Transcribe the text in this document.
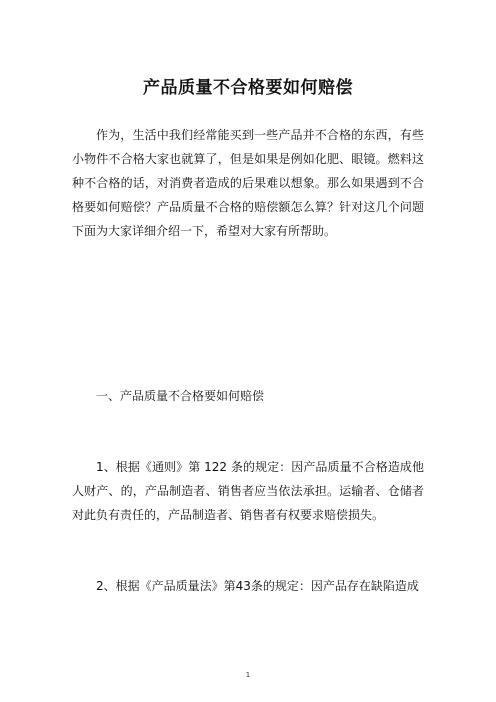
产品质量不合格要如何赔偿
作为，生活中我们经常能买到一些产品并不合格的东西，有些小物件不合格大家也就算了，但是如果是例如化肥、眼镜。燃料这种不合格的话，对消费者造成的后果难以想象。那么如果遇到不合格要如何赔偿？产品质量不合格的赔偿额怎么算？针对这几个问题下面为大家详细介绍一下，希望对大家有所帮助。
一、产品质量不合格要如何赔偿
1、根据《通则》第 122 条的规定：因产品质量不合格造成他人财产、的，产品制造者、销售者应当依法承担。运输者、仓储者对此负有责任的，产品制造者、销售者有权要求赔偿损失。
2、根据《产品质量法》第43条的规定：因产品存在缺陷造成
1
